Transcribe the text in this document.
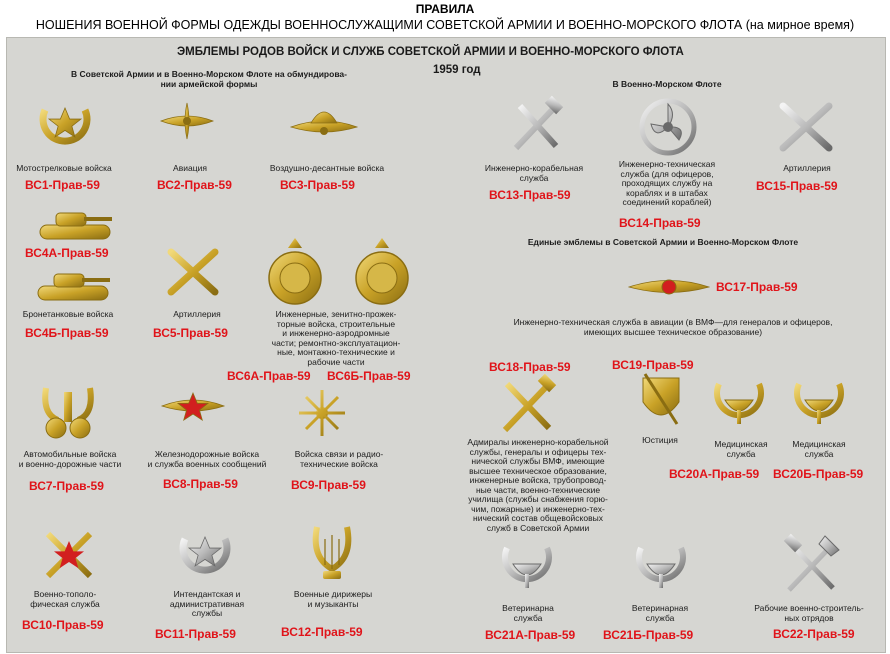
ПРАВИЛА
НОШЕНИЯ ВОЕННОЙ ФОРМЫ ОДЕЖДЫ ВОЕННОСЛУЖАЩИМИ СОВЕТСКОЙ АРМИИ И ВОЕННО-МОРСКОГО ФЛОТА (на мирное время)
ЭМБЛЕМЫ РОДОВ ВОЙСК И СЛУЖБ СОВЕТСКОЙ АРМИИ И ВОЕННО-МОРСКОГО ФЛОТА
1959 год
В Советской Армии и в Военно-Морском Флоте на обмундирова-
нии армейской формы	В Военно-Морском Флоте
Единые эмблемы в Советской Армии и Военно-Морском Флоте
Мотострелковые войска	Авиация	Воздушно-десантные войска
Бронетанковые войска	Артиллерия	Инженерные, зенитно-прожек-
торные войска, строительные
и инженерно-аэродромные
части; ремонтно-эксплуатацион-
ные, монтажно-технические и
рабочие части
Автомобильные войска
и военно-дорожные части
Железнодорожные войска
и служба военных сообщений
Войска связи и радио-
технические войска
Военно-тополо-
фическая служба
Интендантская и
административная
службы
Военные дирижеры
и музыканты
Инженерно-корабельная
служба
Инженерно-техническая
служба (для офицеров,
проходящих службу на
кораблях и в штабах
соединений кораблей)
Артиллерия
Инженерно-техническая служба в авиации (в ВМФ—для генералов и офицеров,
имеющих высшее техническое образование)
Адмиралы инженерно-корабельной
службы, генералы и офицеры тех-
нической службы ВМФ, имеющие
высшее техническое образование,
инженерные войска, трубопровод-
ные части, военно-технические
училища (службы снабжения горю-
чим, пожарные) и инженерно-тех-
нический состав общевойсковых
служб в Советской Армии
Юстиция	Медицинская
служба
Медицинская
служба
Ветеринарна
служба
Ветеринарная
служба
Рабочие военно-строитель-
ных отрядов
ВС1-Прав-59	ВС2-Прав-59	ВС3-Прав-59
ВС4А-Прав-59
ВС4Б-Прав-59	ВС5-Прав-59
ВС6А-Прав-59 ВС6Б-Прав-59
ВС7-Прав-59	ВС8-Прав-59	ВС9-Прав-59
ВС10-Прав-59
ВС11-Прав-59	ВС12-Прав-59
ВС13-Прав-59
ВС14-Прав-59
ВС15-Прав-59
ВС17-Прав-59
ВС18-Прав-59	ВС19-Прав-59
ВС20А-Прав-59 ВС20Б-Прав-59
ВС21А-Прав-59 ВС21Б-Прав-59	ВС22-Прав-59
